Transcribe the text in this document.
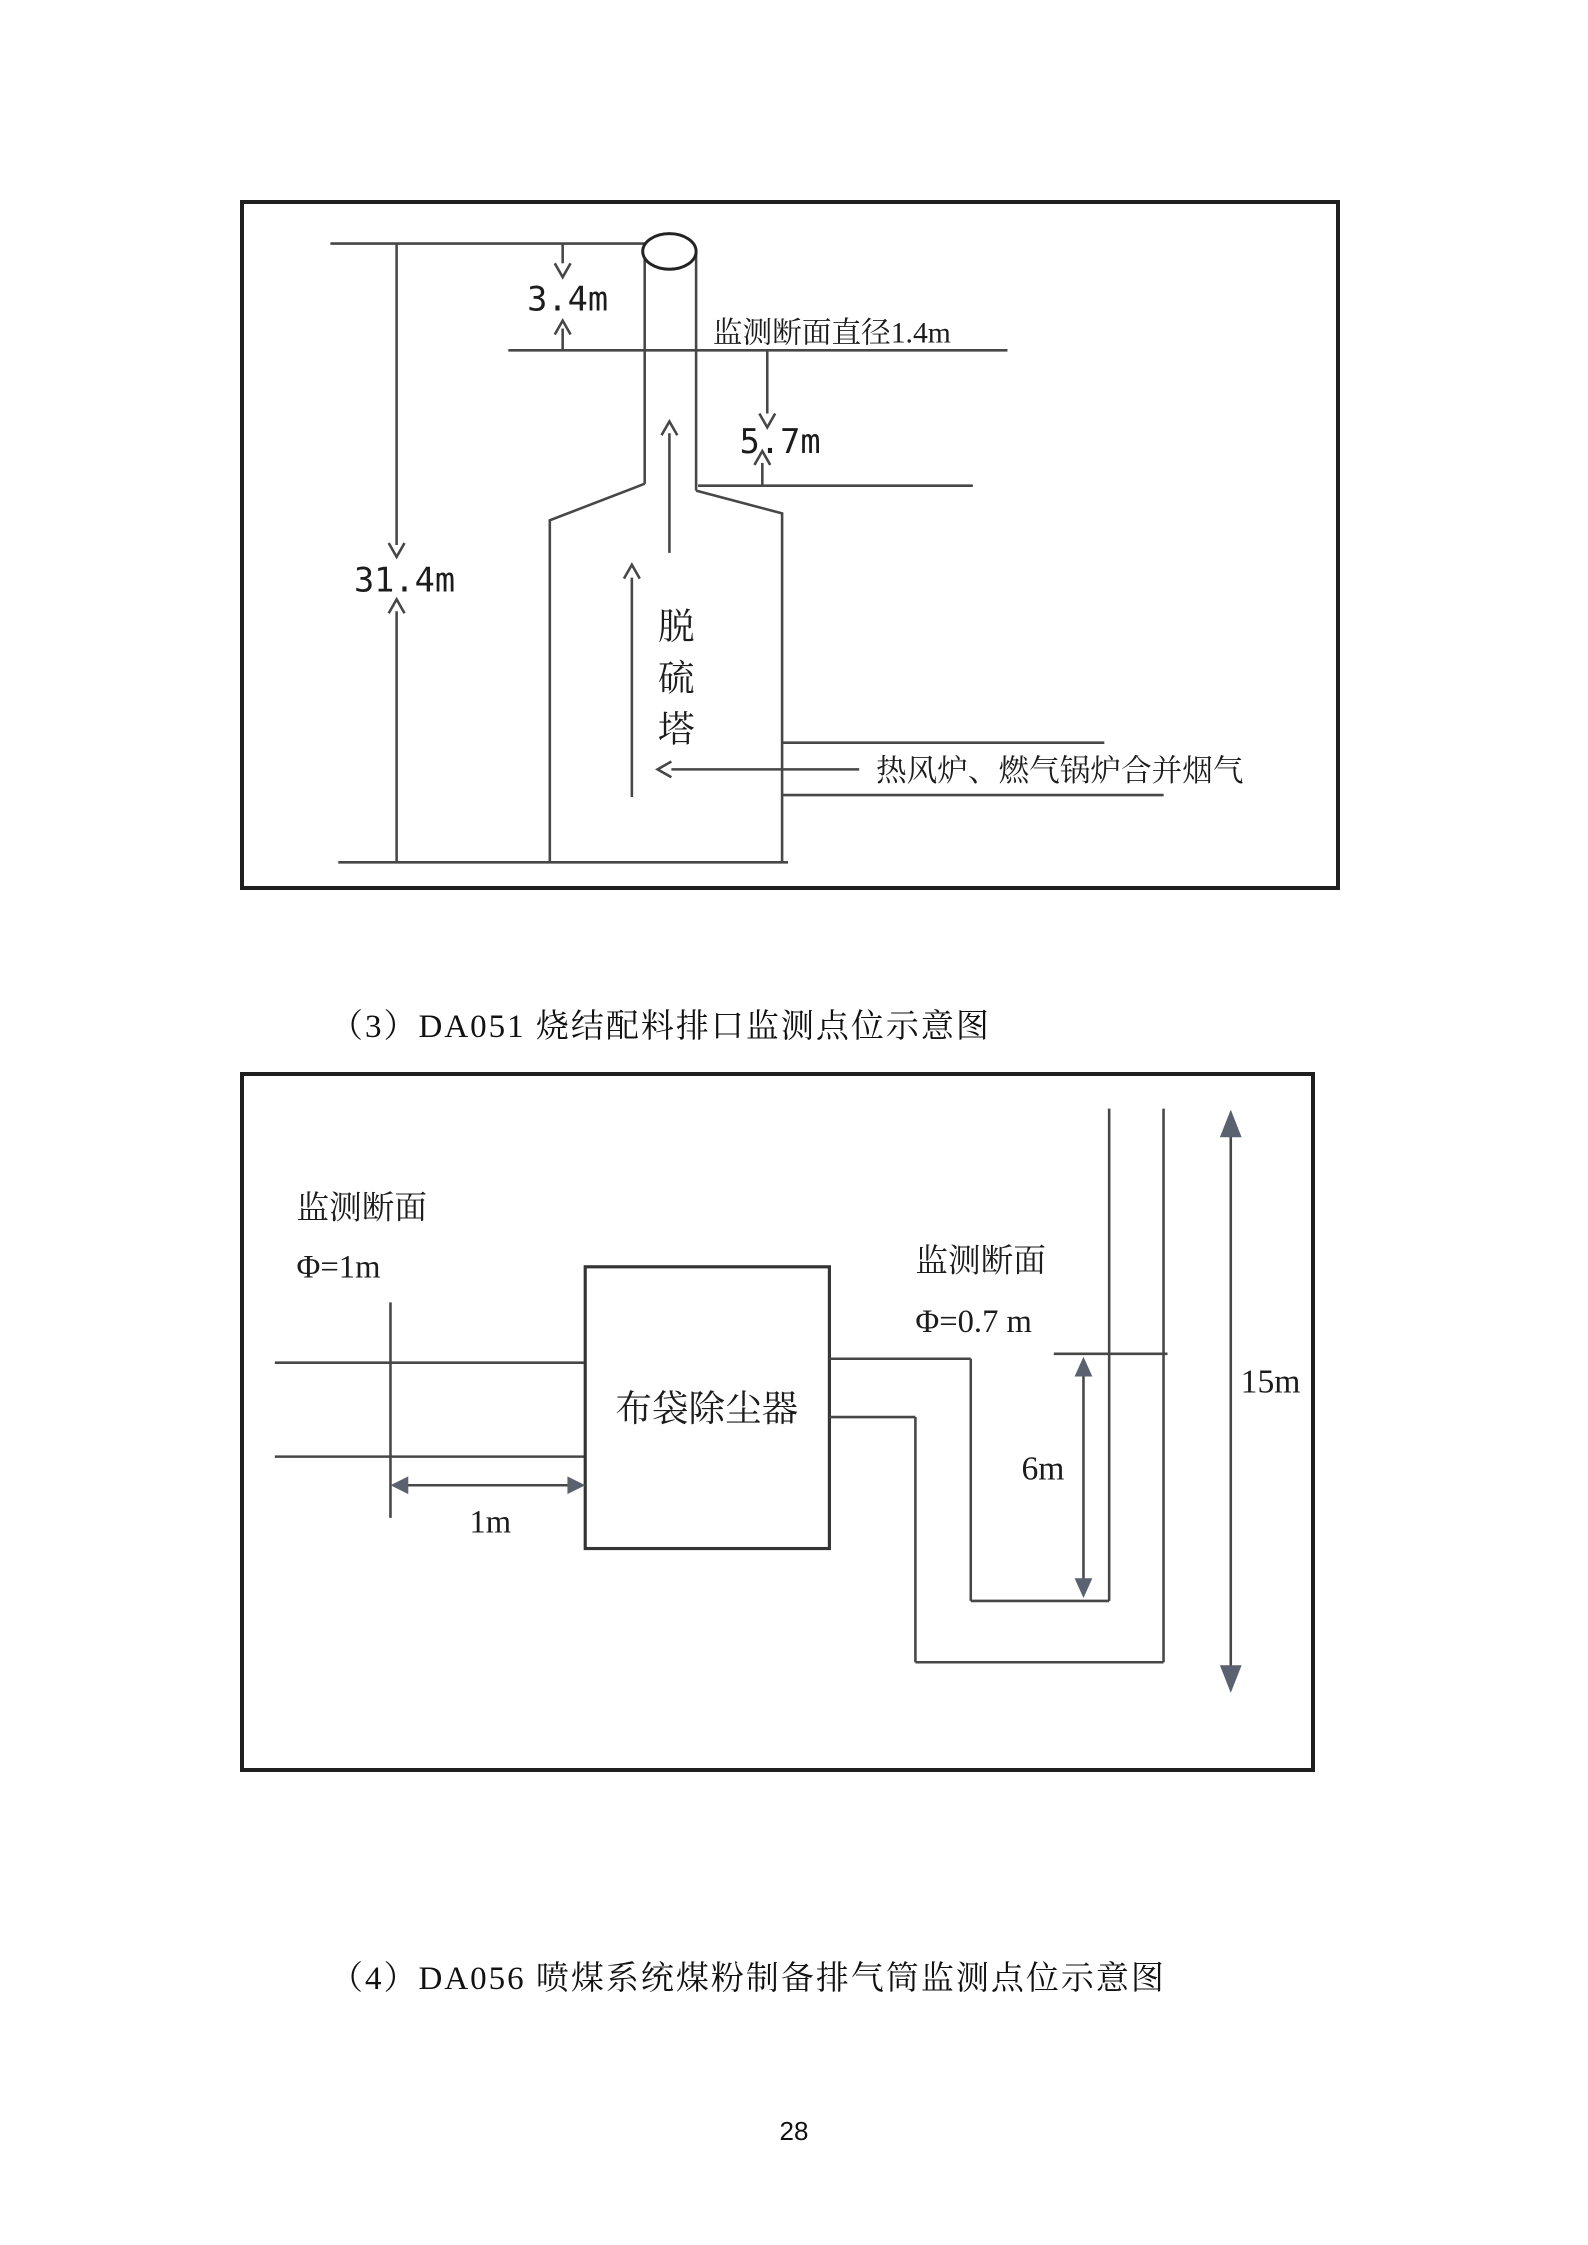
31.4m
3.4m
监测断面直径1.4m
5.7m
脱
硫
塔
热风炉、燃气锅炉合并烟气
（3）DA051 烧结配料排口监测点位示意图
监测断面
Φ=1m
布袋除尘器
1m
监测断面
Φ=0.7 m
6m
15m
（4）DA056 喷煤系统煤粉制备排气筒监测点位示意图
28
